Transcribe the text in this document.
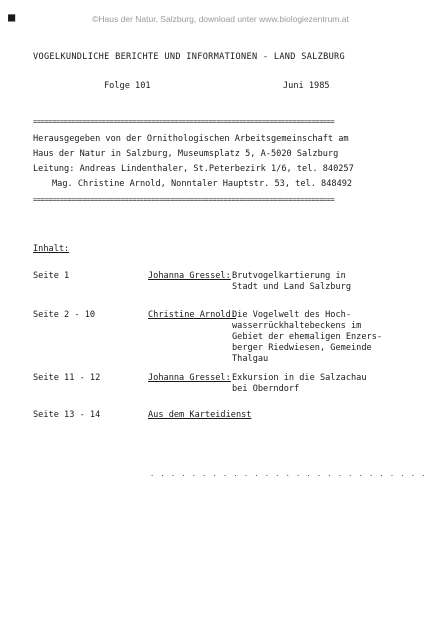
■	©Haus der Natur, Salzburg, download unter www.biologiezentrum.at
VOGELKUNDLICHE BERICHTE UND INFORMATIONEN - LAND SALZBURG
Folge 101	Juni 1985
===============================================================================
Herausgegeben von der Ornithologischen Arbeitsgemeinschaft am
Haus der Natur in Salzburg, Museumsplatz 5, A-5020 Salzburg
Leitung: Andreas Lindenthaler, St.Peterbezirk 1/6, tel. 840257
Mag. Christine Arnold, Nonntaler Hauptstr. 53, tel. 848492
===============================================================================
Inhalt:
Seite 1	Johanna Gressel: Brutvogelkartierung in
Stadt und Land Salzburg
Seite 2 - 10	Christine Arnold:
Die Vogelwelt des Hoch-
wasserrückhaltebeckens im
Gebiet der ehemaligen Enzers-
berger Riedwiesen, Gemeinde
Thalgau
Seite 11 - 12	Johanna Gressel: Exkursion in die Salzachau
bei Oberndorf
Seite 13 - 14	Aus dem Karteidienst
. . . . . . . . . . . . . . . . . . . . . . . . . . .
